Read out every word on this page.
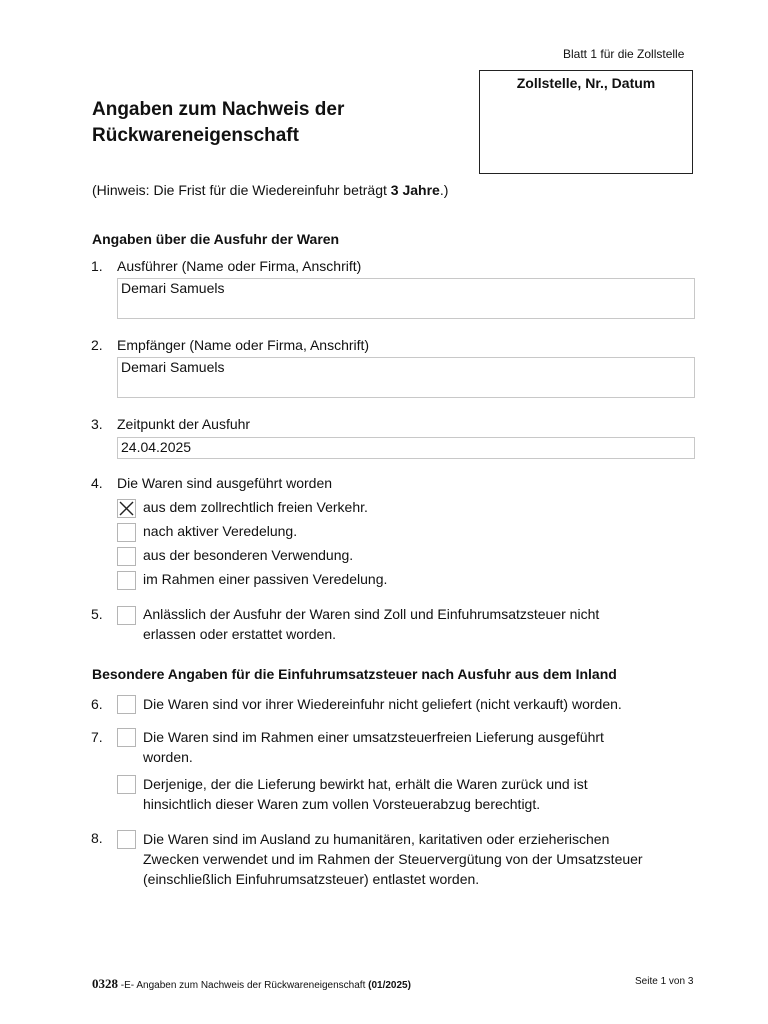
Blatt 1 für die Zollstelle
Zollstelle, Nr., Datum
Angaben zum Nachweis der
Rückwareneigenschaft
(Hinweis: Die Frist für die Wiedereinfuhr beträgt 3 Jahre.)
Angaben über die Ausfuhr der Waren
1. Ausführer (Name oder Firma, Anschrift)
Demari Samuels
2. Empfänger (Name oder Firma, Anschrift)
Demari Samuels
3. Zeitpunkt der Ausfuhr
24.04.2025
4. Die Waren sind ausgeführt worden
aus dem zollrechtlich freien Verkehr.
nach aktiver Veredelung.
aus der besonderen Verwendung.
im Rahmen einer passiven Veredelung.
5.	Anlässlich der Ausfuhr der Waren sind Zoll und Einfuhrumsatzsteuer nicht
erlassen oder erstattet worden.
Besondere Angaben für die Einfuhrumsatzsteuer nach Ausfuhr aus dem Inland
6.	Die Waren sind vor ihrer Wiedereinfuhr nicht geliefert (nicht verkauft) worden.
7.	Die Waren sind im Rahmen einer umsatzsteuerfreien Lieferung ausgeführt
worden.
Derjenige, der die Lieferung bewirkt hat, erhält die Waren zurück und ist
hinsichtlich dieser Waren zum vollen Vorsteuerabzug berechtigt.
8.	Die Waren sind im Ausland zu humanitären, karitativen oder erzieherischen
Zwecken verwendet und im Rahmen der Steuervergütung von der Umsatzsteuer
(einschließlich Einfuhrumsatzsteuer) entlastet worden.
0328 -E- Angaben zum Nachweis der Rückwareneigenschaft (01/2025)	Seite 1 von 3
